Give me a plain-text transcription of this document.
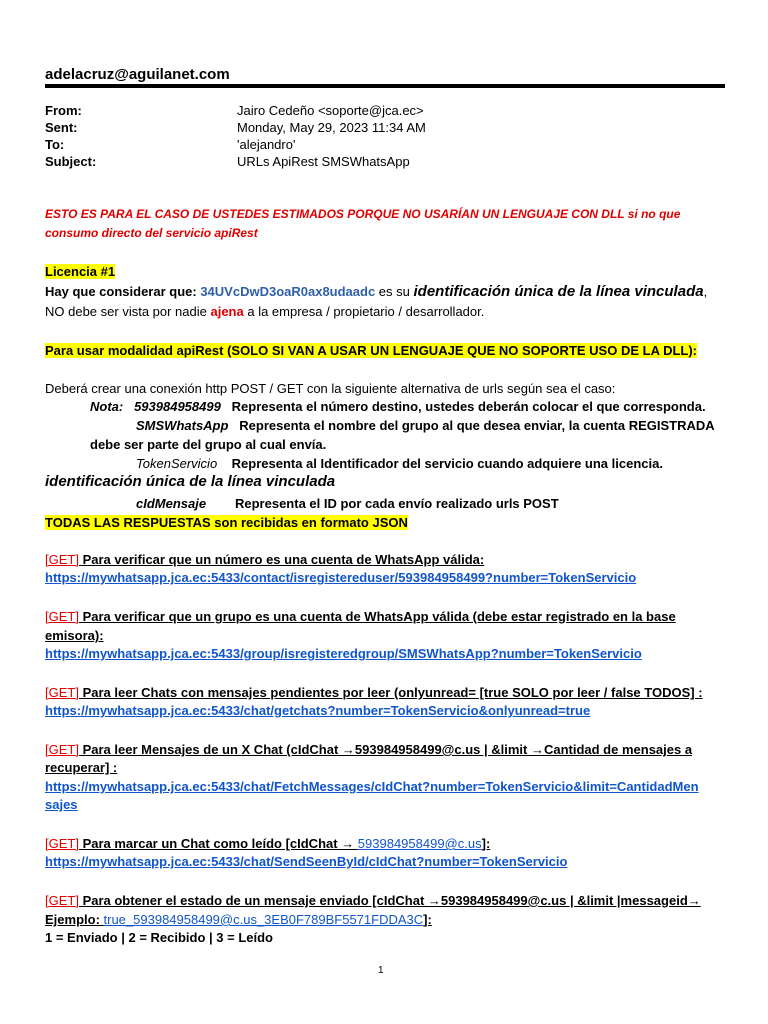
adelacruz@aguilanet.com
From:	Jairo Cedeño <soporte@jca.ec>
Sent:	Monday, May 29, 2023 11:34 AM
To:	'alejandro'
Subject:	URLs ApiRest SMSWhatsApp
ESTO ES PARA EL CASO DE USTEDES ESTIMADOS PORQUE NO USARÍAN UN LENGUAJE CON DLL si no que
consumo directo del servicio apiRest
Licencia #1
Hay que considerar que: 34UVcDwD3oaR0ax8udaadc es su identificación única de la línea vinculada,
NO debe ser vista por nadie ajena a la empresa / propietario / desarrollador.
Para usar modalidad apiRest (SOLO SI VAN A USAR UN LENGUAJE QUE NO SOPORTE USO DE LA DLL):
Deberá crear una conexión http POST / GET con la siguiente alternativa de urls según sea el caso:
Nota: 593984958499 Representa el número destino, ustedes deberán colocar el que corresponda.
SMSWhatsApp Representa el nombre del grupo al que desea enviar, la cuenta REGISTRADA
debe ser parte del grupo al cual envía.
TokenServicio Representa al Identificador del servicio cuando adquiere una licencia.
identificación única de la línea vinculada
cIdMensaje Representa el ID por cada envío realizado urls POST
TODAS LAS RESPUESTAS son recibidas en formato JSON
[GET] Para verificar que un número es una cuenta de WhatsApp válida:
https://mywhatsapp.jca.ec:5433/contact/isregistereduser/593984958499?number=TokenServicio
[GET] Para verificar que un grupo es una cuenta de WhatsApp válida (debe estar registrado en la base
emisora):
https://mywhatsapp.jca.ec:5433/group/isregisteredgroup/SMSWhatsApp?number=TokenServicio
[GET] Para leer Chats con mensajes pendientes por leer (onlyunread= [true SOLO por leer / false TODOS] :
https://mywhatsapp.jca.ec:5433/chat/getchats?number=TokenServicio&onlyunread=true
[GET] Para leer Mensajes de un X Chat (cIdChat →593984958499@c.us | &limit →Cantidad de mensajes a
recuperar] :
https://mywhatsapp.jca.ec:5433/chat/FetchMessages/cIdChat?number=TokenServicio&limit=CantidadMen
sajes
[GET] Para marcar un Chat como leído [cIdChat → 593984958499@c.us]:
https://mywhatsapp.jca.ec:5433/chat/SendSeenById/cIdChat?number=TokenServicio
[GET] Para obtener el estado de un mensaje enviado [cIdChat →593984958499@c.us | &limit |messageid→
Ejemplo: true_593984958499@c.us_3EB0F789BF5571FDDA3C]:
1 = Enviado | 2 = Recibido | 3 = Leído
1
